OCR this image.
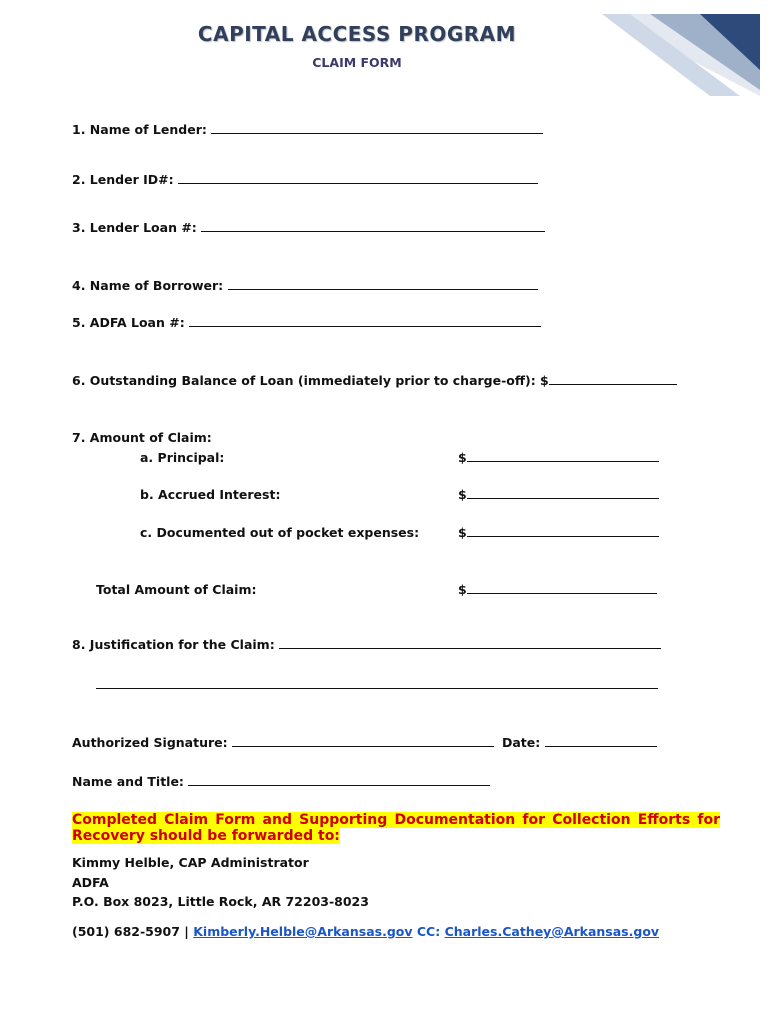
CAPITAL ACCESS PROGRAM
CLAIM FORM
1. Name of Lender:
2. Lender ID#:
3. Lender Loan #:
4. Name of Borrower:
5. ADFA Loan #:
6. Outstanding Balance of Loan (immediately prior to charge-off): $
7. Amount of Claim:
a. Principal:	$
b. Accrued Interest:	$
c. Documented out of pocket expenses:	$
Total Amount of Claim:	$
8. Justification for the Claim:
Authorized Signature:	Date:
Name and Title:
Completed Claim Form and Supporting Documentation for Collection Efforts for
Recovery should be forwarded to:
Kimmy Helble, CAP Administrator
ADFA
P.O. Box 8023, Little Rock, AR 72203-8023
(501) 682-5907 | Kimberly.Helble@Arkansas.gov CC: Charles.Cathey@Arkansas.gov
